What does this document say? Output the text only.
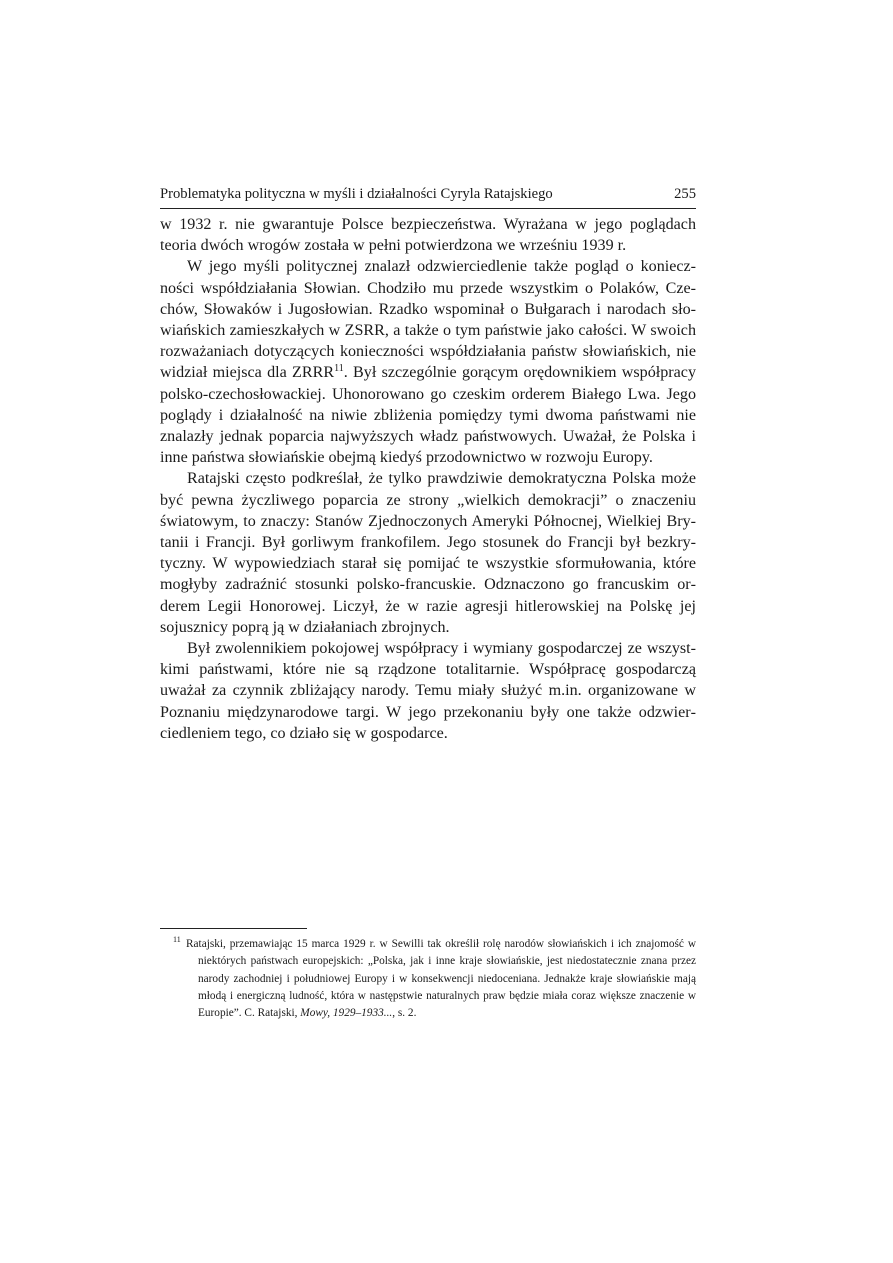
Problematyka polityczna w myśli i działalności Cyryla Ratajskiego	255

w 1932 r. nie gwarantuje Polsce bezpieczeństwa. Wyrażana w jego poglądach teoria dwóch wrogów została w pełni potwierdzona we wrześniu 1939 r.

W jego myśli politycznej znalazł odzwierciedlenie także pogląd o konieczności współdziałania Słowian. Chodziło mu przede wszystkim o Polaków, Czechów, Słowaków i Jugosłowian. Rzadko wspominał o Bułgarach i narodach słowiańskich zamieszkałych w ZSRR, a także o tym państwie jako całości. W swoich rozważaniach dotyczących konieczności współdziałania państw słowiańskich, nie widział miejsca dla ZRRR$^{11}$. Był szczególnie gorącym orędownikiem współpracy polsko-czechosłowackiej. Uhonorowano go czeskim orderem Białego Lwa. Jego poglądy i działalność na niwie zbliżenia pomiędzy tymi dwoma państwami nie znalazły jednak poparcia najwyższych władz państwowych. Uważał, że Polska i inne państwa słowiańskie obejmą kiedyś przodownictwo w rozwoju Europy.

Ratajski często podkreślał, że tylko prawdziwie demokratyczna Polska może być pewna życzliwego poparcia ze strony „wielkich demokracji” o znaczeniu światowym, to znaczy: Stanów Zjednoczonych Ameryki Północnej, Wielkiej Brytanii i Francji. Był gorliwym frankofilem. Jego stosunek do Francji był bezkrytyczny. W wypowiedziach starał się pomijać te wszystkie sformułowania, które mogłyby zadraźnić stosunki polsko-francuskie. Odznaczono go francuskim orderem Legii Honorowej. Liczył, że w razie agresji hitlerowskiej na Polskę jej sojusznicy poprą ją w działaniach zbrojnych.

Był zwolennikiem pokojowej współpracy i wymiany gospodarczej ze wszystkimi państwami, które nie są rządzone totalitarnie. Współpracę gospodarczą uważał za czynnik zbliżający narody. Temu miały służyć m.in. organizowane w Poznaniu międzynarodowe targi. W jego przekonaniu były one także odzwierciedleniem tego, co działo się w gospodarce.

11 Ratajski, przemawiając 15 marca 1929 r. w Sewilli tak określił rolę narodów słowiańskich i ich znajomość w niektórych państwach europejskich: „Polska, jak i inne kraje słowiańskie, jest niedostatecznie znana przez narody zachodniej i południowej Europy i w konsekwencji niedoceniana. Jednakże kraje słowiańskie mają młodą i energiczną ludność, która w następstwie naturalnych praw będzie miała coraz większe znaczenie w Europie”. C. Ratajski, Mowy, 1929–1933..., s. 2.
